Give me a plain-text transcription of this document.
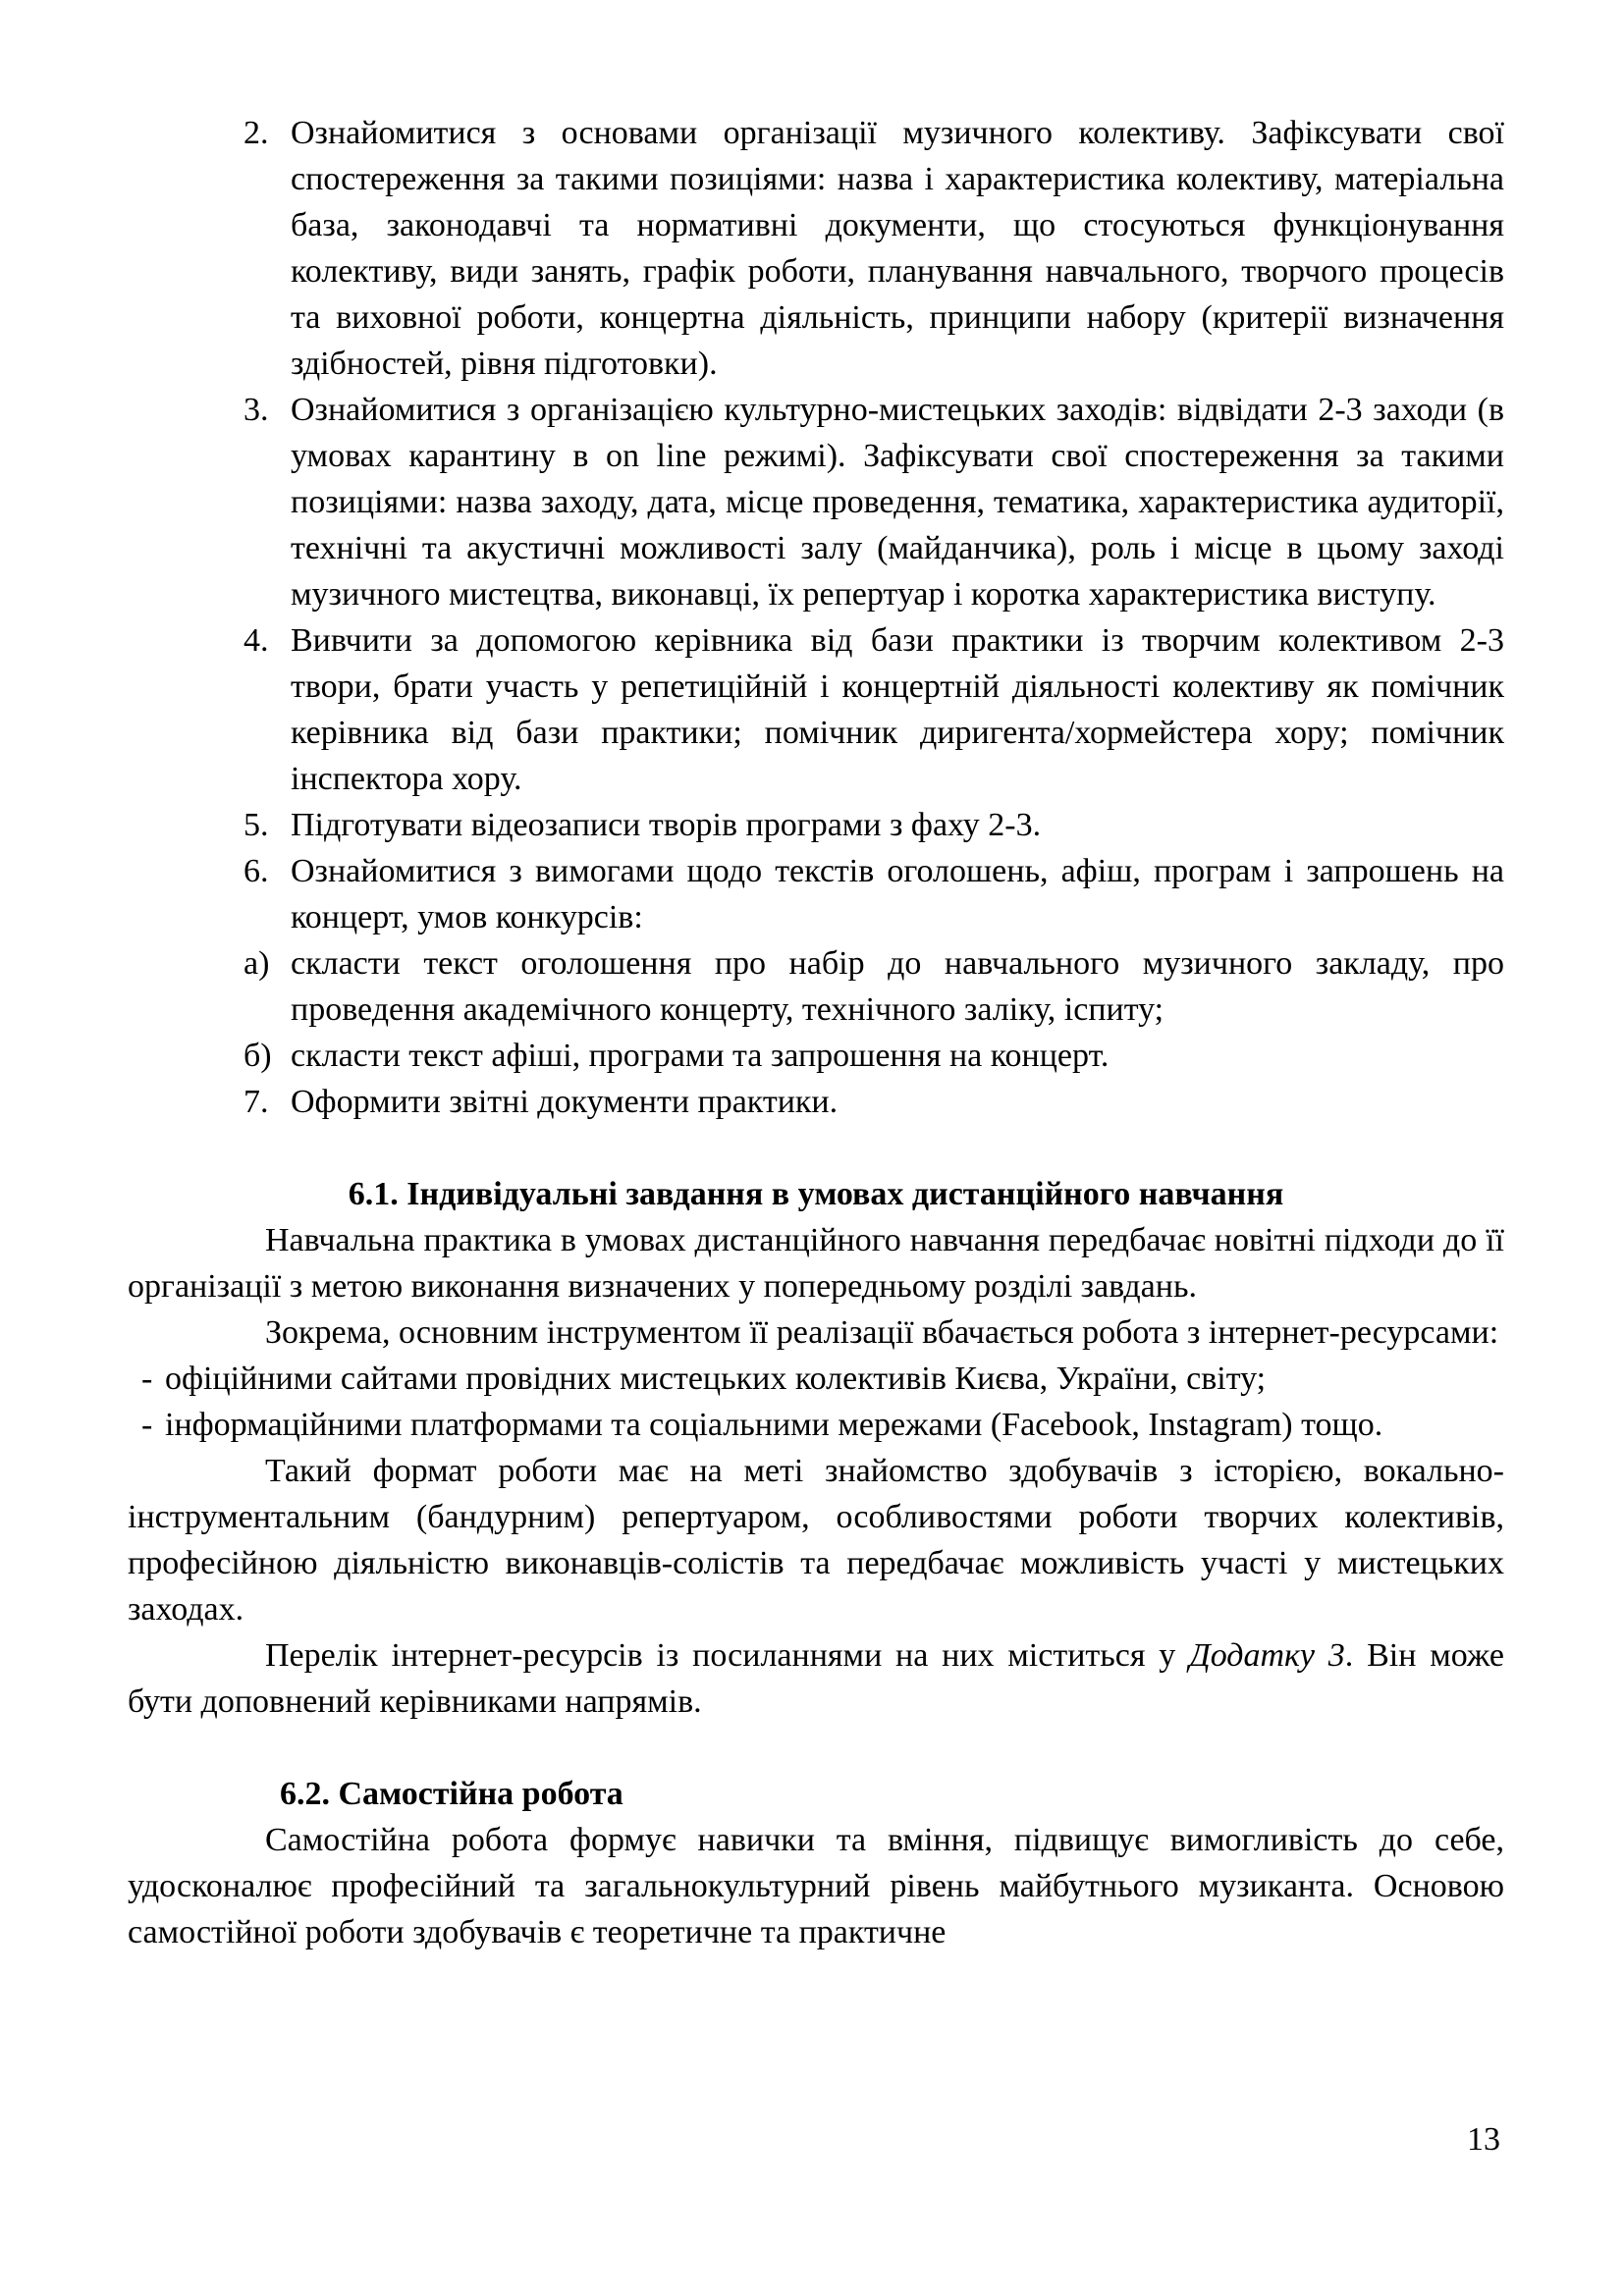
2. Ознайомитися з основами організації музичного колективу. Зафіксувати свої спостереження за такими позиціями: назва і характеристика колективу, матеріальна база, законодавчі та нормативні документи, що стосуються функціонування колективу, види занять, графік роботи, планування навчального, творчого процесів та виховної роботи, концертна діяльність, принципи набору (критерії визначення здібностей, рівня підготовки).
3. Ознайомитися з організацією культурно-мистецьких заходів: відвідати 2-3 заходи (в умовах карантину в on line режимі). Зафіксувати свої спостереження за такими позиціями: назва заходу, дата, місце проведення, тематика, характеристика аудиторії, технічні та акустичні можливості залу (майданчика), роль і місце в цьому заході музичного мистецтва, виконавці, їх репертуар і коротка характеристика виступу.
4. Вивчити за допомогою керівника від бази практики із творчим колективом 2-3 твори, брати участь у репетиційній і концертній діяльності колективу як помічник керівника від бази практики; помічник диригента/хормейстера хору; помічник інспектора хору.
5. Підготувати відеозаписи творів програми з фаху 2-3.
6. Ознайомитися з вимогами щодо текстів оголошень, афіш, програм і запрошень на концерт, умов конкурсів:
а) скласти текст оголошення про набір до навчального музичного закладу, про проведення академічного концерту, технічного заліку, іспиту;
б) скласти текст афіші, програми та запрошення на концерт.
7. Оформити звітні документи практики.
6.1. Індивідуальні завдання в умовах дистанційного навчання

Навчальна практика в умовах дистанційного навчання передбачає новітні підходи до її організації з метою виконання визначених у попередньому розділі завдань.

Зокрема, основним інструментом її реалізації вбачається робота з інтернет-ресурсами:

- офіційними сайтами провідних мистецьких колективів Києва, України, світу;
- інформаційними платформами та соціальними мережами (Facebook, Instagram) тощо.

Такий формат роботи має на меті знайомство здобувачів з історією, вокально-інструментальним (бандурним) репертуаром, особливостями роботи творчих колективів, професійною діяльністю виконавців-солістів та передбачає можливість участі у мистецьких заходах.

Перелік інтернет-ресурсів із посиланнями на них міститься у Додатку 3. Він може бути доповнений керівниками напрямів.

6.2. Самостійна робота

Самостійна робота формує навички та вміння, підвищує вимогливість до себе, удосконалює професійний та загальнокультурний рівень майбутнього музиканта. Основою самостійної роботи здобувачів є теоретичне та практичне

13
